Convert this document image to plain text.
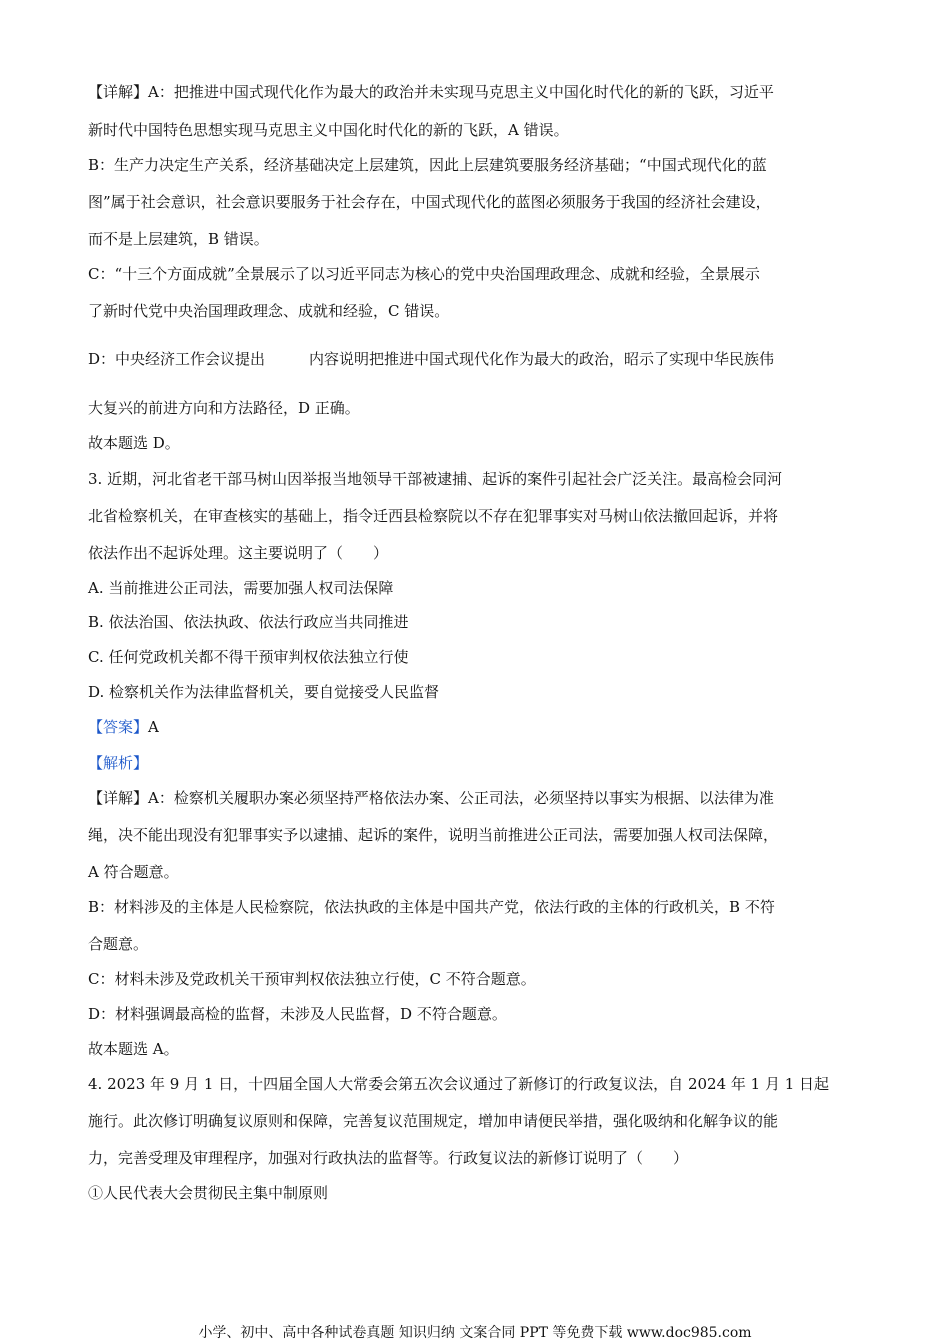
【详解】A：把推进中国式现代化作为最大的政治并未实现马克思主义中国化时代化的新的飞跃，习近平
新时代中国特色思想实现马克思主义中国化时代化的新的飞跃，A 错误。
B：生产力决定生产关系，经济基础决定上层建筑，因此上层建筑要服务经济基础；“中国式现代化的蓝
图”属于社会意识，社会意识要服务于社会存在，中国式现代化的蓝图必须服务于我国的经济社会建设，
而不是上层建筑，B 错误。
C：“十三个方面成就”全景展示了以习近平同志为核心的党中央治国理政理念、成就和经验，全景展示
了新时代党中央治国理政理念、成就和经验，C 错误。
D：中央经济工作会议提出	内容说明把推进中国式现代化作为最大的政治，昭示了实现中华民族伟
大复兴的前进方向和方法路径，D 正确。
故本题选 D。
3. 近期，河北省老干部马树山因举报当地领导干部被逮捕、起诉的案件引起社会广泛关注。最高检会同河
北省检察机关，在审查核实的基础上，指令迁西县检察院以不存在犯罪事实对马树山依法撤回起诉，并将
依法作出不起诉处理。这主要说明了（　　）
A. 当前推进公正司法，需要加强人权司法保障
B. 依法治国、依法执政、依法行政应当共同推进
C. 任何党政机关都不得干预审判权依法独立行使
D. 检察机关作为法律监督机关，要自觉接受人民监督
【答案】A
【解析】
【详解】A：检察机关履职办案必须坚持严格依法办案、公正司法，必须坚持以事实为根据、以法律为准
绳，决不能出现没有犯罪事实予以逮捕、起诉的案件，说明当前推进公正司法，需要加强人权司法保障，
A 符合题意。
B：材料涉及的主体是人民检察院，依法执政的主体是中国共产党，依法行政的主体的行政机关，B 不符
合题意。
C：材料未涉及党政机关干预审判权依法独立行使，C 不符合题意。
D：材料强调最高检的监督，未涉及人民监督，D 不符合题意。
故本题选 A。
4. 2023 年 9 月 1 日，十四届全国人大常委会第五次会议通过了新修订的行政复议法，自 2024 年 1 月 1 日起
施行。此次修订明确复议原则和保障，完善复议范围规定，增加申请便民举措，强化吸纳和化解争议的能
力，完善受理及审理程序，加强对行政执法的监督等。行政复议法的新修订说明了（　　）
①人民代表大会贯彻民主集中制原则
小学、初中、高中各种试卷真题 知识归纳 文案合同 PPT 等免费下载 www.doc985.com
